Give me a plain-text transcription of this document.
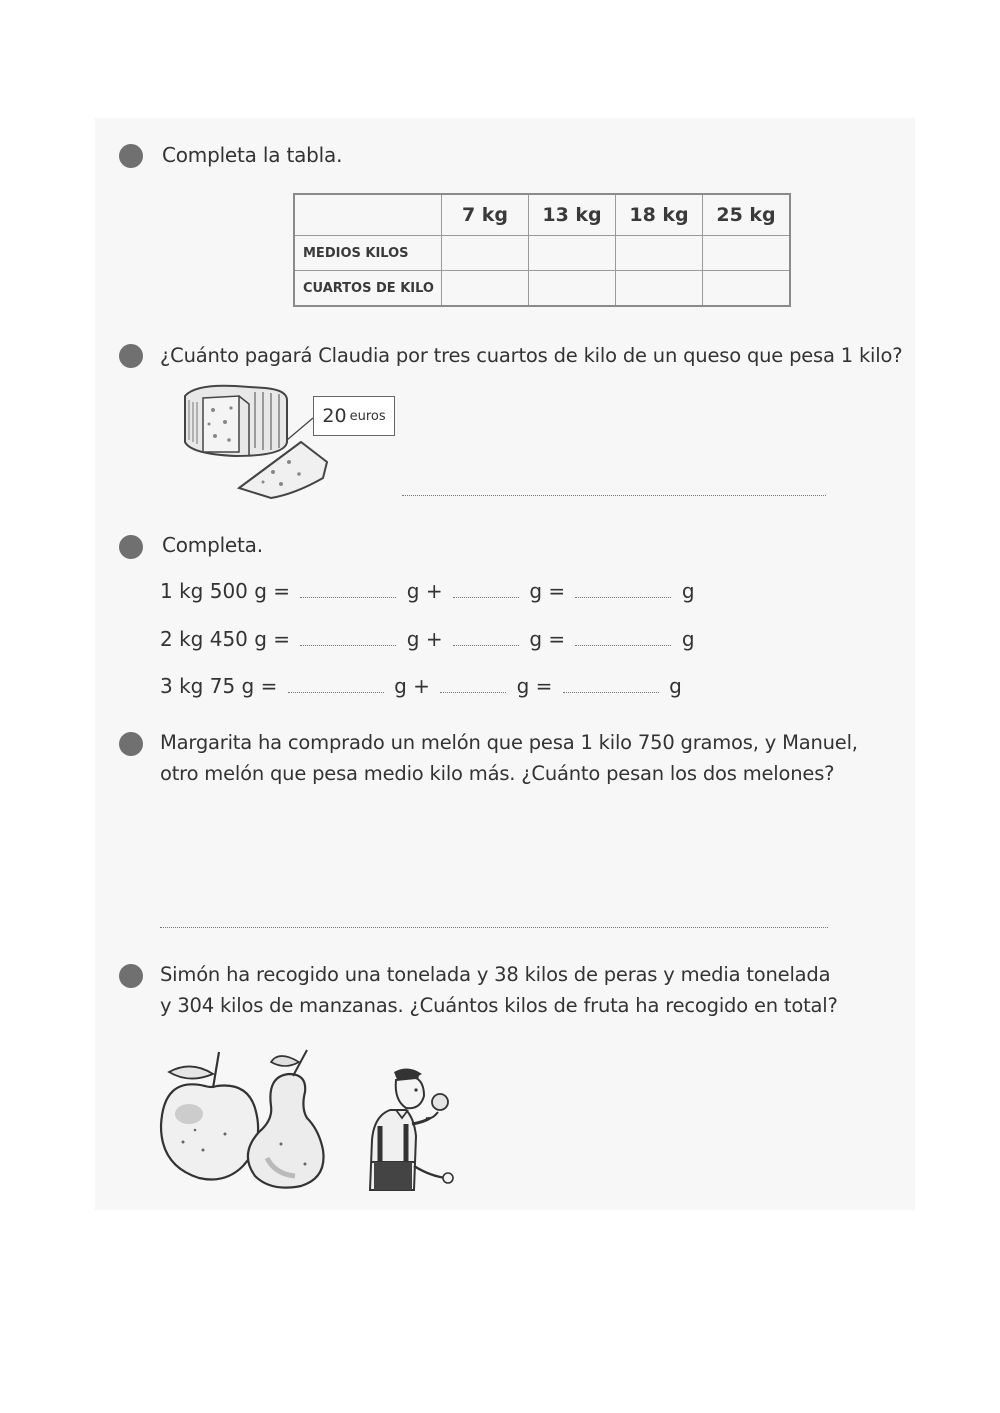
Completa la tabla.
	7 kg	13 kg	18 kg	25 kg
MEDIOS KILOS				
CUARTOS DE KILO				
¿Cuánto pagará Claudia por tres cuartos de kilo de un queso que pesa 1 kilo?
20 euros
Completa.
1 kg 500 g =	g +	g =	g
2 kg 450 g =	g +	g =	g
3 kg 75 g =	g +	g =	g
Margarita ha comprado un melón que pesa 1 kilo 750 gramos, y Manuel,
otro melón que pesa medio kilo más. ¿Cuánto pesan los dos melones?
Simón ha recogido una tonelada y 38 kilos de peras y media tonelada
y 304 kilos de manzanas. ¿Cuántos kilos de fruta ha recogido en total?
